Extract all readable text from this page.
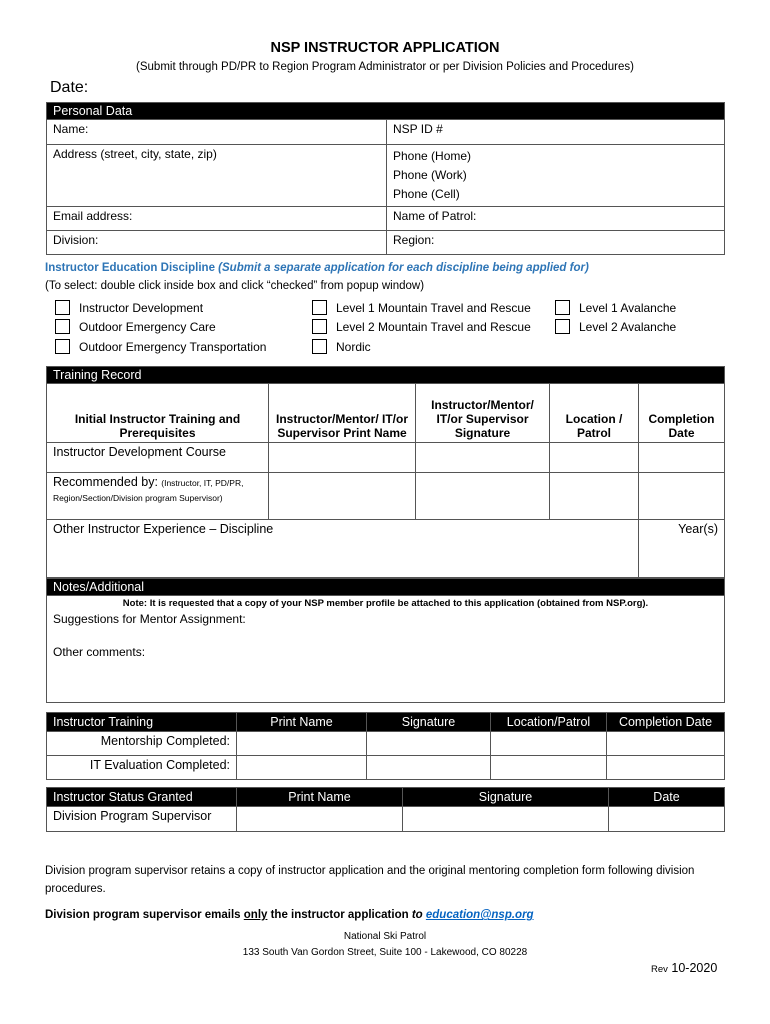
NSP INSTRUCTOR APPLICATION
(Submit through PD/PR to Region Program Administrator or per Division Policies and Procedures)
Date:
Personal Data	
Name:	NSP ID #
Address (street, city, state, zip)	Phone (Home)
Phone (Work)
Phone (Cell)

Email address:	Name of Patrol:
Division:	Region:
Instructor Education Discipline (Submit a separate application for each discipline being applied for)
(To select: double click inside box and click “checked” from popup window)
Instructor Development
Outdoor Emergency Care
Outdoor Emergency Transportation
Level 1 Mountain Travel and Rescue
Level 2 Mountain Travel and Rescue
Nordic
Level 1 Avalanche
Level 2 Avalanche
Training Record				
Initial Instructor Training and Prerequisites	Instructor/Mentor/ IT/or Supervisor Print Name	Instructor/Mentor/ IT/or Supervisor Signature	Location / Patrol	Completion Date
Instructor Development Course				
Recommended by: (Instructor, IT, PD/PR, Region/Section/Division program Supervisor)				
Other Instructor Experience – Discipline				Year(s)
Notes/Additional

Note: It is requested that a copy of your NSP member profile be attached to this application (obtained from NSP.org).
Suggestions for Mentor Assignment:
Other comments:
Instructor Training	Print Name	Signature	Location/Patrol	Completion Date
Mentorship Completed:				
IT Evaluation Completed:				
Instructor Status Granted	Print Name	Signature	Date
Division Program Supervisor			
Division program supervisor retains a copy of instructor application and the original mentoring completion form following division procedures.
Division program supervisor emails only the instructor application to education@nsp.org
National Ski Patrol
133 South Van Gordon Street, Suite 100 - Lakewood, CO 80228
Rev 10-2020
